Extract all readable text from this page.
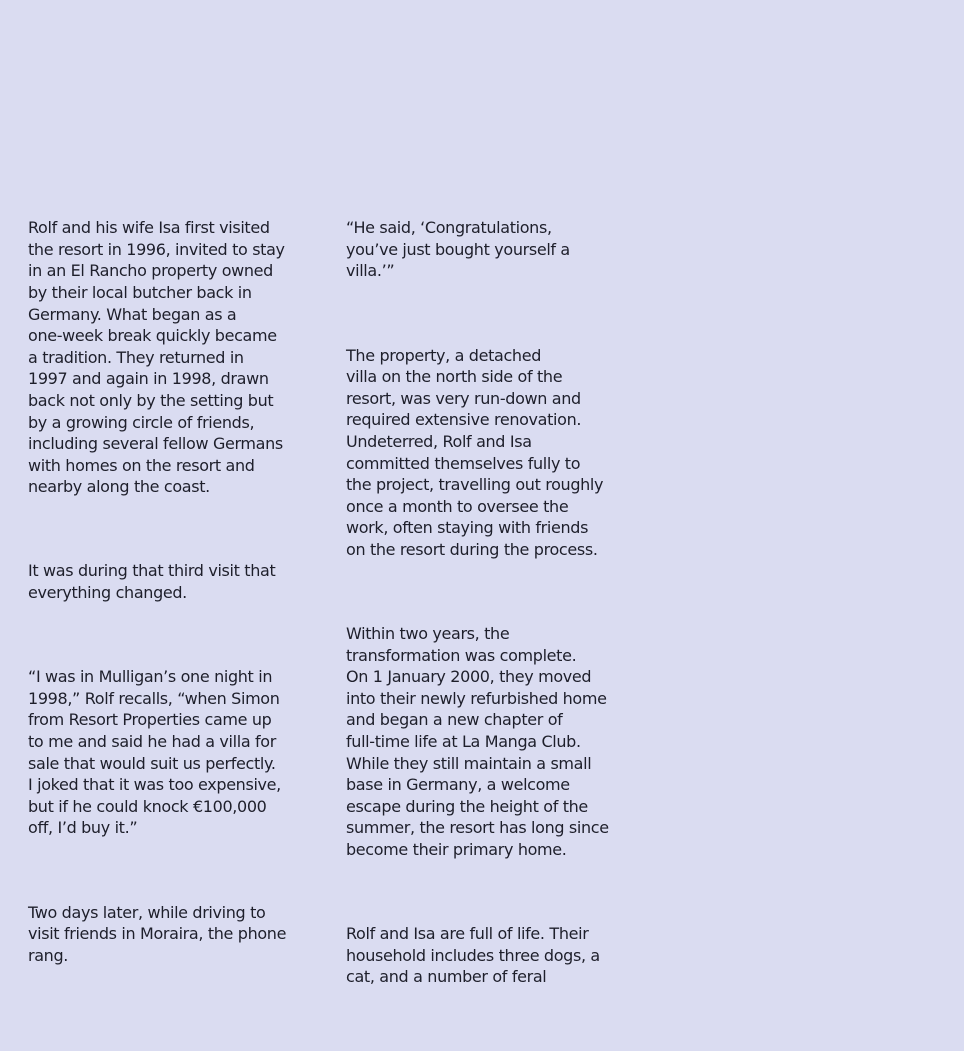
Rolf and his wife Isa first visited
the resort in 1996, invited to stay
in an El Rancho property owned
by their local butcher back in
Germany. What began as a
one-week break quickly became
a tradition. They returned in
1997 and again in 1998, drawn
back not only by the setting but
by a growing circle of friends,
including several fellow Germans
with homes on the resort and
nearby along the coast.

It was during that third visit that
everything changed.

“I was in Mulligan’s one night in
1998,” Rolf recalls, “when Simon
from Resort Properties came up
to me and said he had a villa for
sale that would suit us perfectly.
I joked that it was too expensive,
but if he could knock €100,000
off, I’d buy it.”

Two days later, while driving to
visit friends in Moraira, the phone
rang.

“He said, ‘Congratulations,
you’ve just bought yourself a
villa.’”

The property, a detached
villa on the north side of the
resort, was very run-down and
required extensive renovation.
Undeterred, Rolf and Isa
committed themselves fully to
the project, travelling out roughly
once a month to oversee the
work, often staying with friends
on the resort during the process.

Within two years, the
transformation was complete.
On 1 January 2000, they moved
into their newly refurbished home
and began a new chapter of
full-time life at La Manga Club.
While they still maintain a small
base in Germany, a welcome
escape during the height of the
summer, the resort has long since
become their primary home.

Rolf and Isa are full of life. Their
household includes three dogs, a
cat, and a number of feral
